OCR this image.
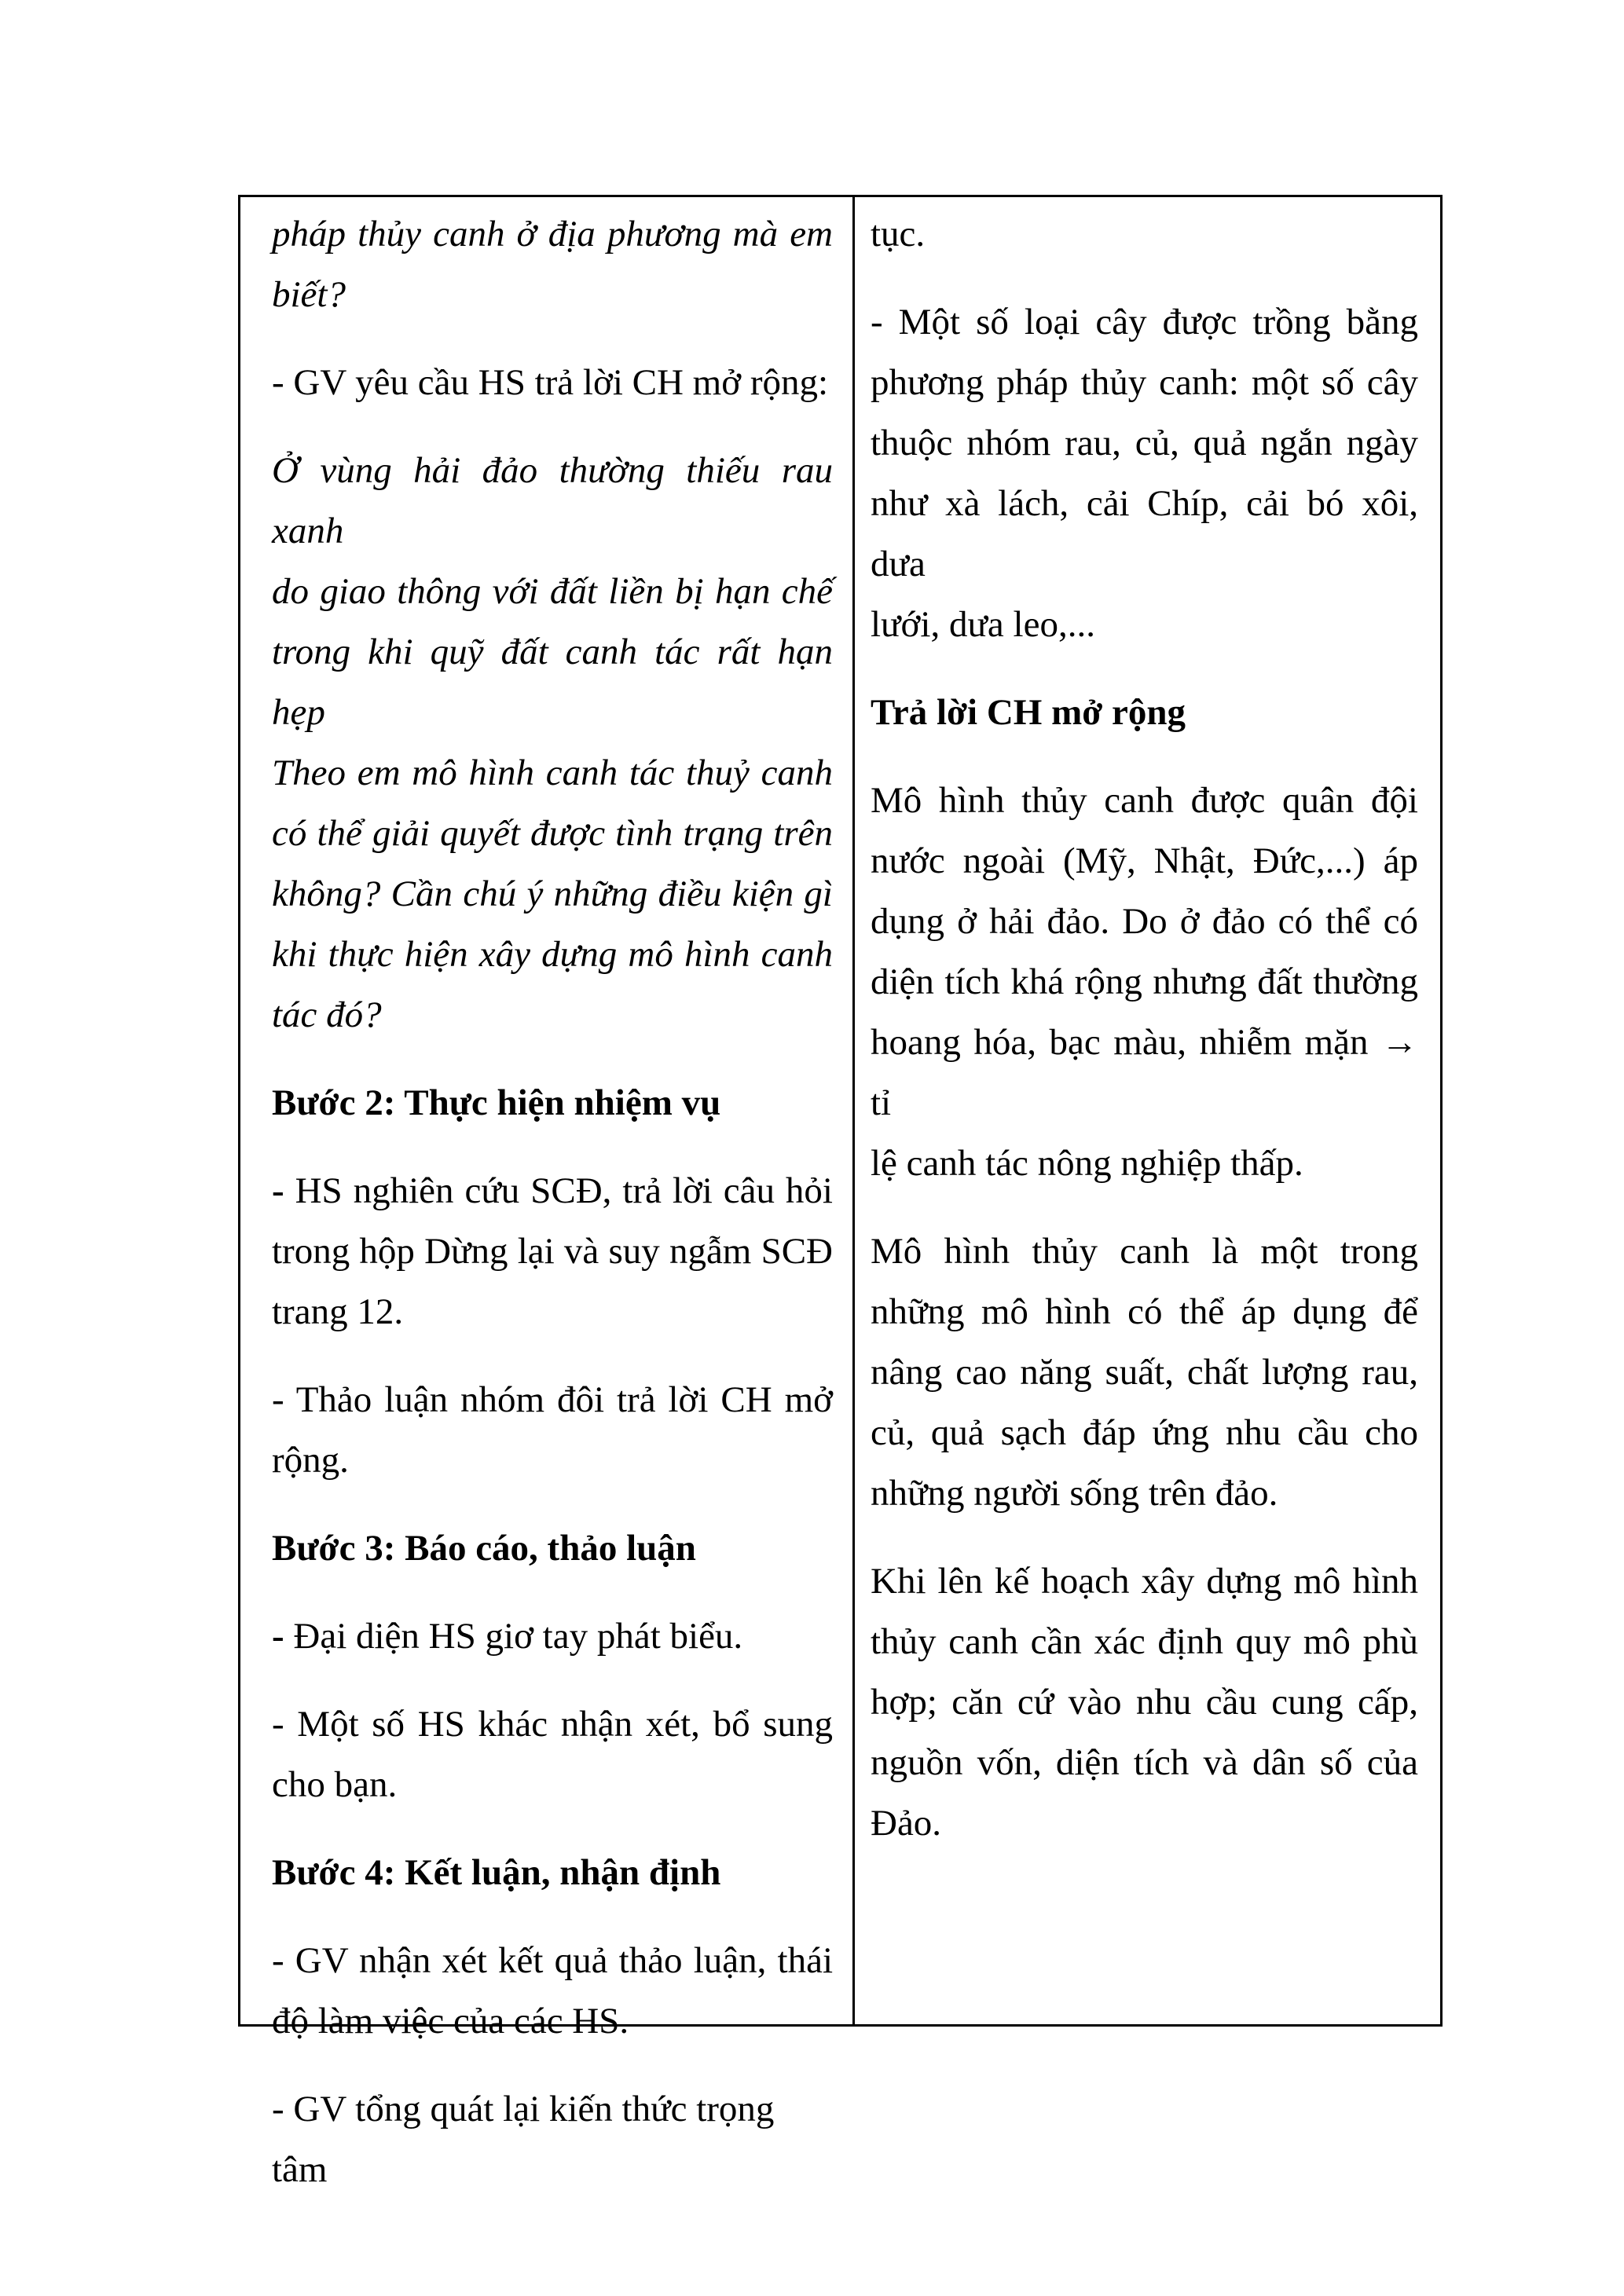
pháp thủy canh ở địa phương mà em
biết?
- GV yêu cầu HS trả lời CH mở rộng:
Ở vùng hải đảo thường thiếu rau xanh
do giao thông với đất liền bị hạn chế
trong khi quỹ đất canh tác rất hạn hẹp
Theo em mô hình canh tác thuỷ canh
có thể giải quyết được tình trạng trên
không? Cần chú ý những điều kiện gì
khi thực hiện xây dựng mô hình canh
tác đó?
Bước 2: Thực hiện nhiệm vụ
- HS nghiên cứu SCĐ, trả lời câu hỏi
trong hộp Dừng lại và suy ngẫm SCĐ
trang 12.
- Thảo luận nhóm đôi trả lời CH mở
rộng.
Bước 3: Báo cáo, thảo luận
- Đại diện HS giơ tay phát biểu.
- Một số HS khác nhận xét, bổ sung
cho bạn.
Bước 4: Kết luận, nhận định
- GV nhận xét kết quả thảo luận, thái
độ làm việc của các HS.
- GV tổng quát lại kiến thức trọng tâm
tục.
- Một số loại cây được trồng bằng
phương pháp thủy canh: một số cây
thuộc nhóm rau, củ, quả ngắn ngày
như xà lách, cải Chíp, cải bó xôi, dưa
lưới, dưa leo,...
Trả lời CH mở rộng
Mô hình thủy canh được quân đội
nước ngoài (Mỹ, Nhật, Đức,...) áp
dụng ở hải đảo. Do ở đảo có thể có
diện tích khá rộng nhưng đất thường
hoang hóa, bạc màu, nhiễm mặn → tỉ
lệ canh tác nông nghiệp thấp.
Mô hình thủy canh là một trong
những mô hình có thể áp dụng để
nâng cao năng suất, chất lượng rau,
củ, quả sạch đáp ứng nhu cầu cho
những người sống trên đảo.
Khi lên kế hoạch xây dựng mô hình
thủy canh cần xác định quy mô phù
hợp; căn cứ vào nhu cầu cung cấp,
nguồn vốn, diện tích và dân số của
Đảo.
